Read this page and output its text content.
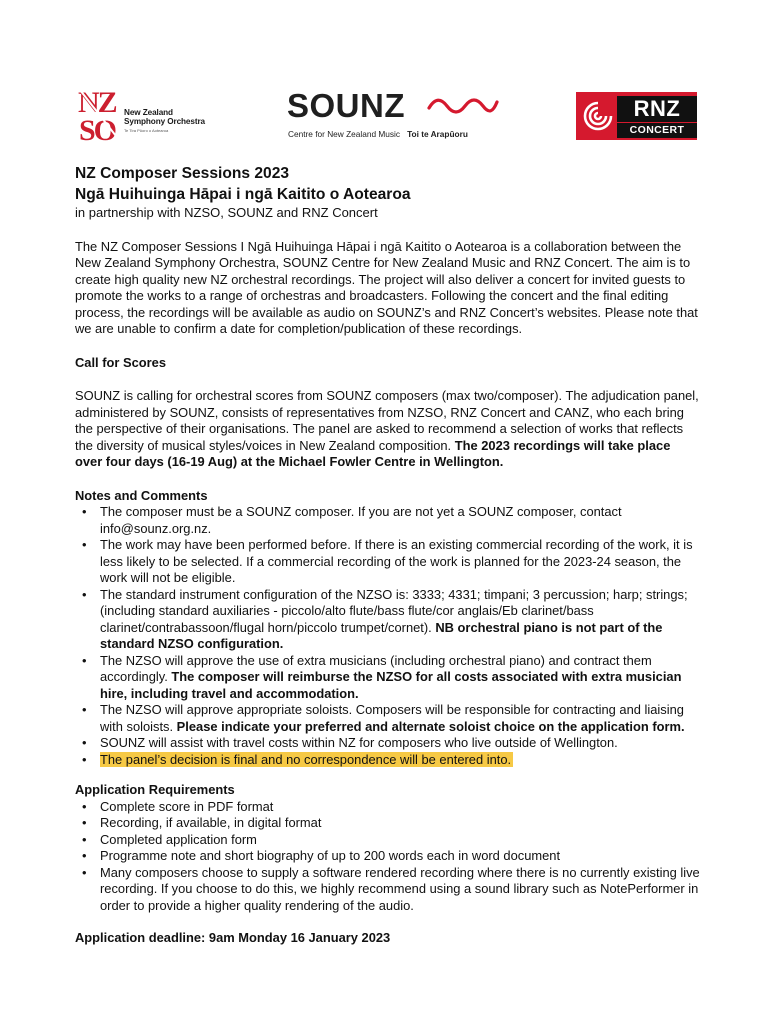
NZ
SO
New Zealand
Symphony Orchestra
Te Tira Pūoro o Aotearoa
SOUNZ
Centre for New Zealand Music Toi te Arapūoru
RNZ
CONCERT
NZ Composer Sessions 2023
Ngā Huihuinga Hāpai i ngā Kaitito o Aotearoa

in partnership with NZSO, SOUNZ and RNZ Concert

The NZ Composer Sessions I Ngā Huihuinga Hāpai i ngā Kaitito o Aotearoa is a collaboration between the New Zealand Symphony Orchestra, SOUNZ Centre for New Zealand Music and RNZ Concert. The aim is to create high quality new NZ orchestral recordings. The project will also deliver a concert for invited guests to promote the works to a range of orchestras and broadcasters. Following the concert and the final editing process, the recordings will be available as audio on SOUNZ’s and RNZ Concert’s websites. Please note that we are unable to confirm a date for completion/publication of these recordings.

Call for Scores

SOUNZ is calling for orchestral scores from SOUNZ composers (max two/composer). The adjudication panel, administered by SOUNZ, consists of representatives from NZSO, RNZ Concert and CANZ, who each bring the perspective of their organisations. The panel are asked to recommend a selection of works that reflects the diversity of musical styles/voices in New Zealand composition. The 2023 recordings will take place over four days (16-19 Aug) at the Michael Fowler Centre in Wellington.

Notes and Comments

• The composer must be a SOUNZ composer. If you are not yet a SOUNZ composer, contact info@sounz.org.nz.
• The work may have been performed before. If there is an existing commercial recording of the work, it is less likely to be selected. If a commercial recording of the work is planned for the 2023-24 season, the work will not be eligible.
• The standard instrument configuration of the NZSO is: 3333; 4331; timpani; 3 percussion; harp; strings; (including standard auxiliaries - piccolo/alto flute/bass flute/cor anglais/Eb clarinet/bass clarinet/contrabassoon/flugal horn/piccolo trumpet/cornet). NB orchestral piano is not part of the standard NZSO configuration.
• The NZSO will approve the use of extra musicians (including orchestral piano) and contract them accordingly. The composer will reimburse the NZSO for all costs associated with extra musician hire, including travel and accommodation.
• The NZSO will approve appropriate soloists. Composers will be responsible for contracting and liaising with soloists. Please indicate your preferred and alternate soloist choice on the application form.
• SOUNZ will assist with travel costs within NZ for composers who live outside of Wellington.
• The panel’s decision is final and no correspondence will be entered into.

Application Requirements

• Complete score in PDF format
• Recording, if available, in digital format
• Completed application form
• Programme note and short biography of up to 200 words each in word document
• Many composers choose to supply a software rendered recording where there is no currently existing live recording. If you choose to do this, we highly recommend using a sound library such as NotePerformer in order to provide a higher quality rendering of the audio.

Application deadline: 9am Monday 16 January 2023
